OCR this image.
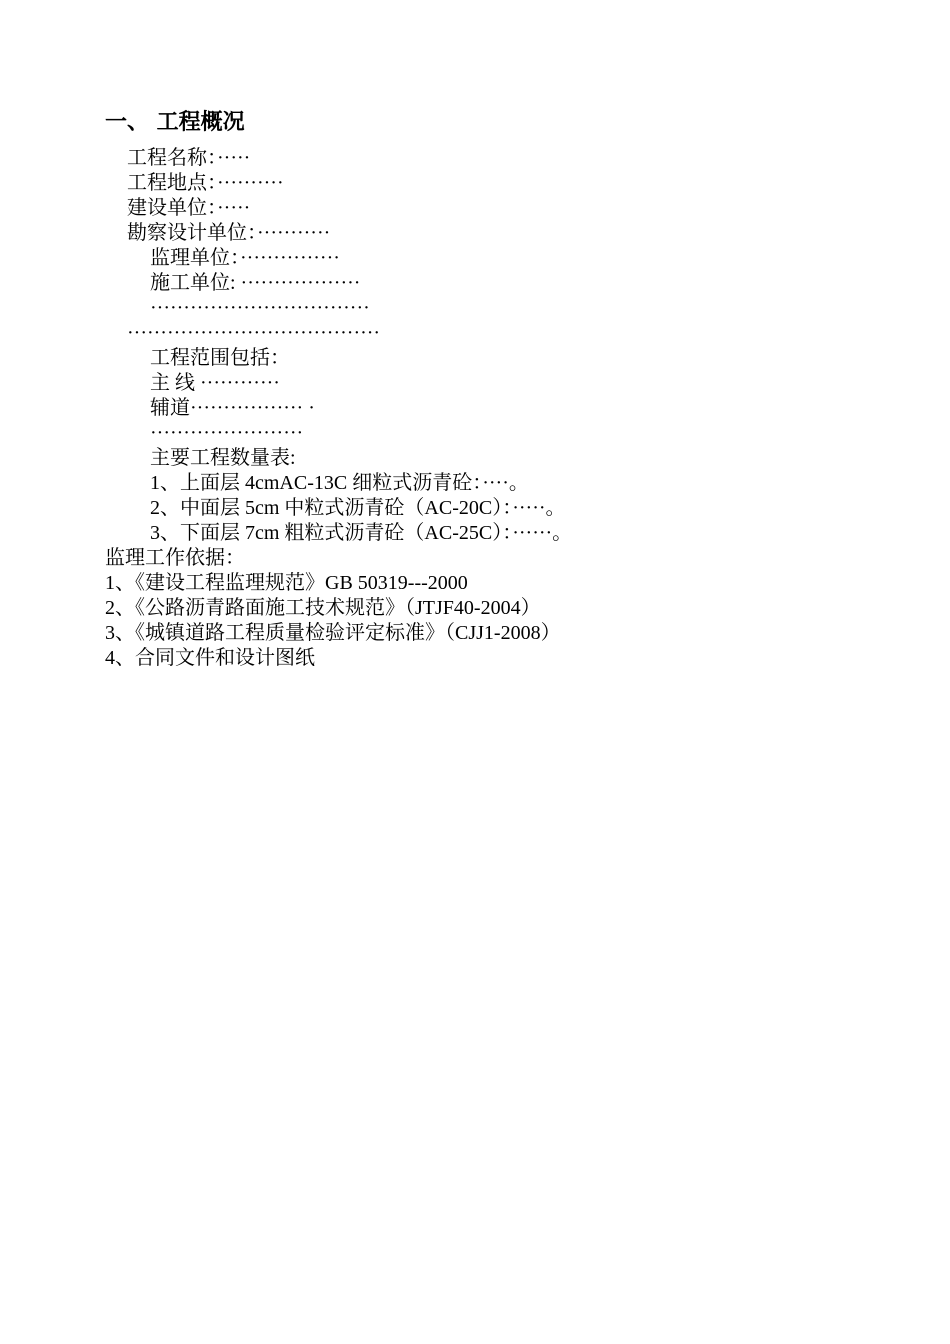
一、 工程概况
工程名称：·····
工程地点：··········
建设单位：·····
勘察设计单位：···········
监理单位：···············
施工单位: ··················
·································
······································
工程范围包括：
主 线 ············
辅道················· ·
·······················
主要工程数量表:
1、上面层 4cmAC-13C 细粒式沥青砼：····。
2、中面层 5cm 中粒式沥青砼（AC-20C）：·····。
3、下面层 7cm 粗粒式沥青砼（AC-25C）：······。
监理工作依据：
1、《建设工程监理规范》GB 50319---2000
2、《公路沥青路面施工技术规范》（JTJF40-2004）
3、《城镇道路工程质量检验评定标准》（CJJ1-2008）
4、合同文件和设计图纸
